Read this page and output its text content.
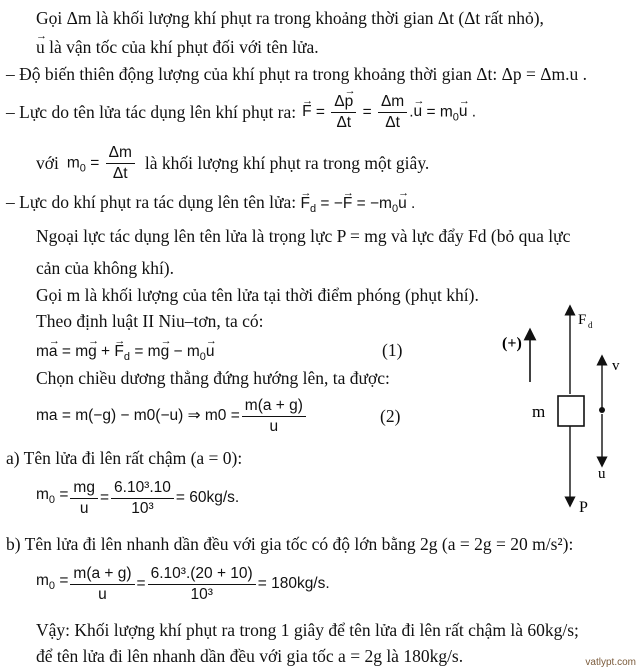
Gọi Δm là khối lượng khí phụt ra trong khoảng thời gian Δt (Δt rất nhỏ),
→ u là vận tốc của khí phụt đối với tên lửa.
– Độ biến thiên động lượng của khí phụt ra trong khoảng thời gian Δt: Δp = Δm.u .
– Lực do tên lửa tác dụng lên khí phụt ra: → $F = \frac{\Delta\to p}{\Delta t} = \frac{\Delta m}{\Delta t}$ .→ $u = m_0\to u$ .
với $m_0 = \frac{\Delta m}{\Delta t}$ là khối lượng khí phụt ra trong một giây.
– Lực do khí phụt ra tác dụng lên tên lửa: → $F_d$ = −→ $F = -m_0\to u$ .
Ngoại lực tác dụng lên tên lửa là trọng lực P = mg và lực đẩy Fd (bỏ qua lực
cản của không khí).
Gọi m là khối lượng của tên lửa tại thời điểm phóng (phụt khí).
Theo định luật II Niu–tơn, ta có:
m→ a = m→ g + → $F_d = m\to g - m_0\to u$	(1)
Chọn chiều dương thẳng đứng hướng lên, ta được:
ma = m(−g) − m0(−u) ⇒ $m0 = \frac{m(a + g)}{u}$	(2)
a) Tên lửa đi lên rất chậm (a = 0):
$m_0 = \frac{mg}{u} = \frac{\text{6.10³.10}}{\text{10³}} = 60kg/s$.
b) Tên lửa đi lên nhanh dần đều với gia tốc có độ lớn bằng 2g (a = 2g = 20 m/s²):
$m_0 = \frac{m(a + g)}{u} = \frac{\text{6.10³.(20 + 10)}}{\text{10³}} = 180kg/s$.
Vậy: Khối lượng khí phụt ra trong 1 giây để tên lửa đi lên rất chậm là 60kg/s;
để tên lửa đi lên nhanh dần đều với gia tốc a = 2g là 180kg/s.
(+)
F d
m
P
v
u
vatlypt.com
